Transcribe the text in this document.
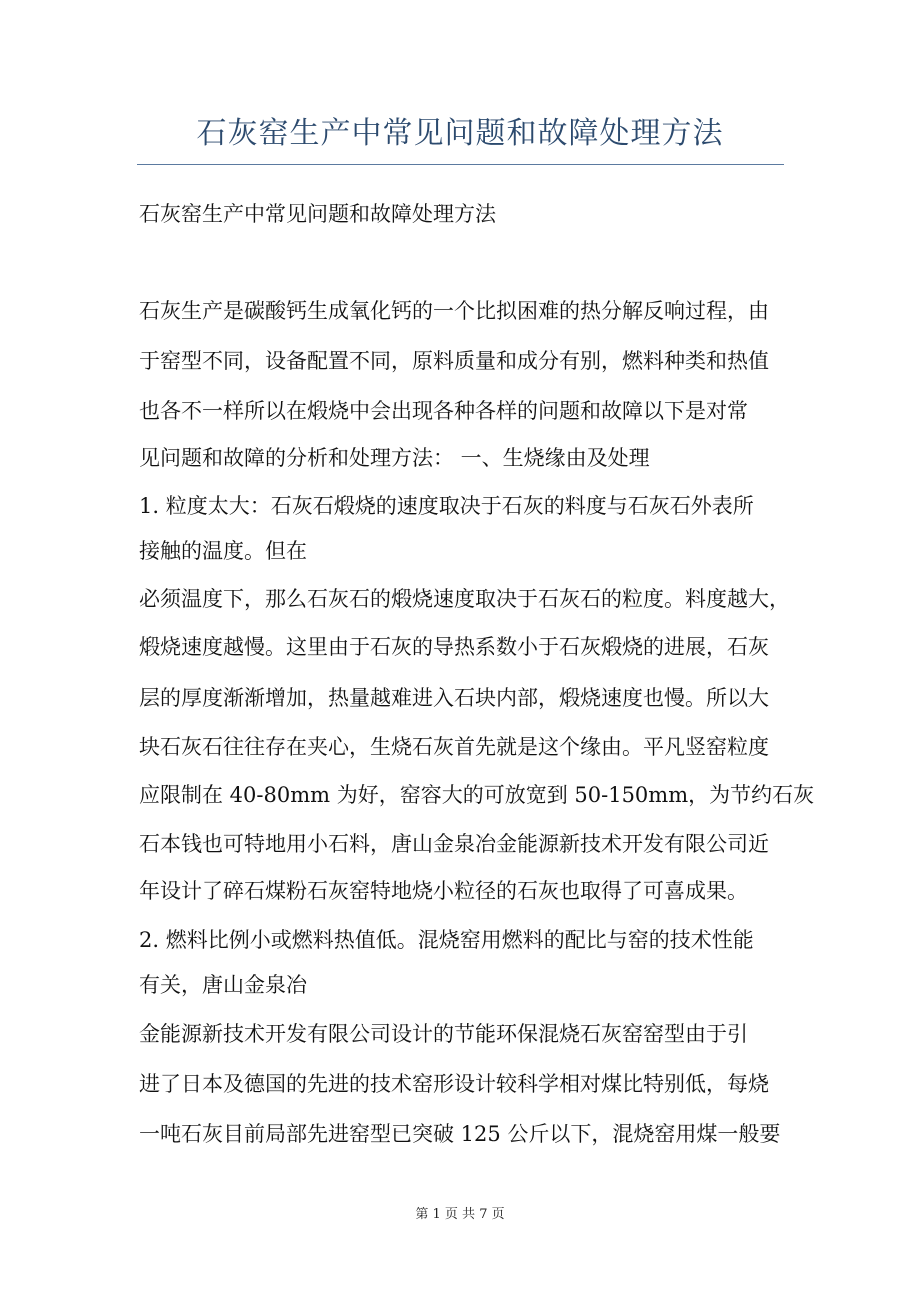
石灰窑生产中常见问题和故障处理方法
石灰窑生产中常见问题和故障处理方法
石灰生产是碳酸钙生成氧化钙的一个比拟困难的热分解反响过程，由
于窑型不同，设备配置不同，原料质量和成分有别，燃料种类和热值
也各不一样所以在煅烧中会出现各种各样的问题和故障以下是对常
见问题和故障的分析和处理方法： 一、生烧缘由及处理
1. 粒度太大：石灰石煅烧的速度取决于石灰的料度与石灰石外表所
接触的温度。但在
必须温度下，那么石灰石的煅烧速度取决于石灰石的粒度。料度越大，
煅烧速度越慢。这里由于石灰的导热系数小于石灰煅烧的进展，石灰
层的厚度渐渐增加，热量越难进入石块内部，煅烧速度也慢。所以大
块石灰石往往存在夹心，生烧石灰首先就是这个缘由。平凡竖窑粒度
应限制在 40-80mm 为好，窑容大的可放宽到 50-150mm，为节约石灰
石本钱也可特地用小石料，唐山金泉冶金能源新技术开发有限公司近
年设计了碎石煤粉石灰窑特地烧小粒径的石灰也取得了可喜成果。
2. 燃料比例小或燃料热值低。混烧窑用燃料的配比与窑的技术性能
有关，唐山金泉冶
金能源新技术开发有限公司设计的节能环保混烧石灰窑窑型由于引
进了日本及德国的先进的技术窑形设计较科学相对煤比特别低，每烧
一吨石灰目前局部先进窑型已突破 125 公斤以下，混烧窑用煤一般要
第 1 页 共 7 页
